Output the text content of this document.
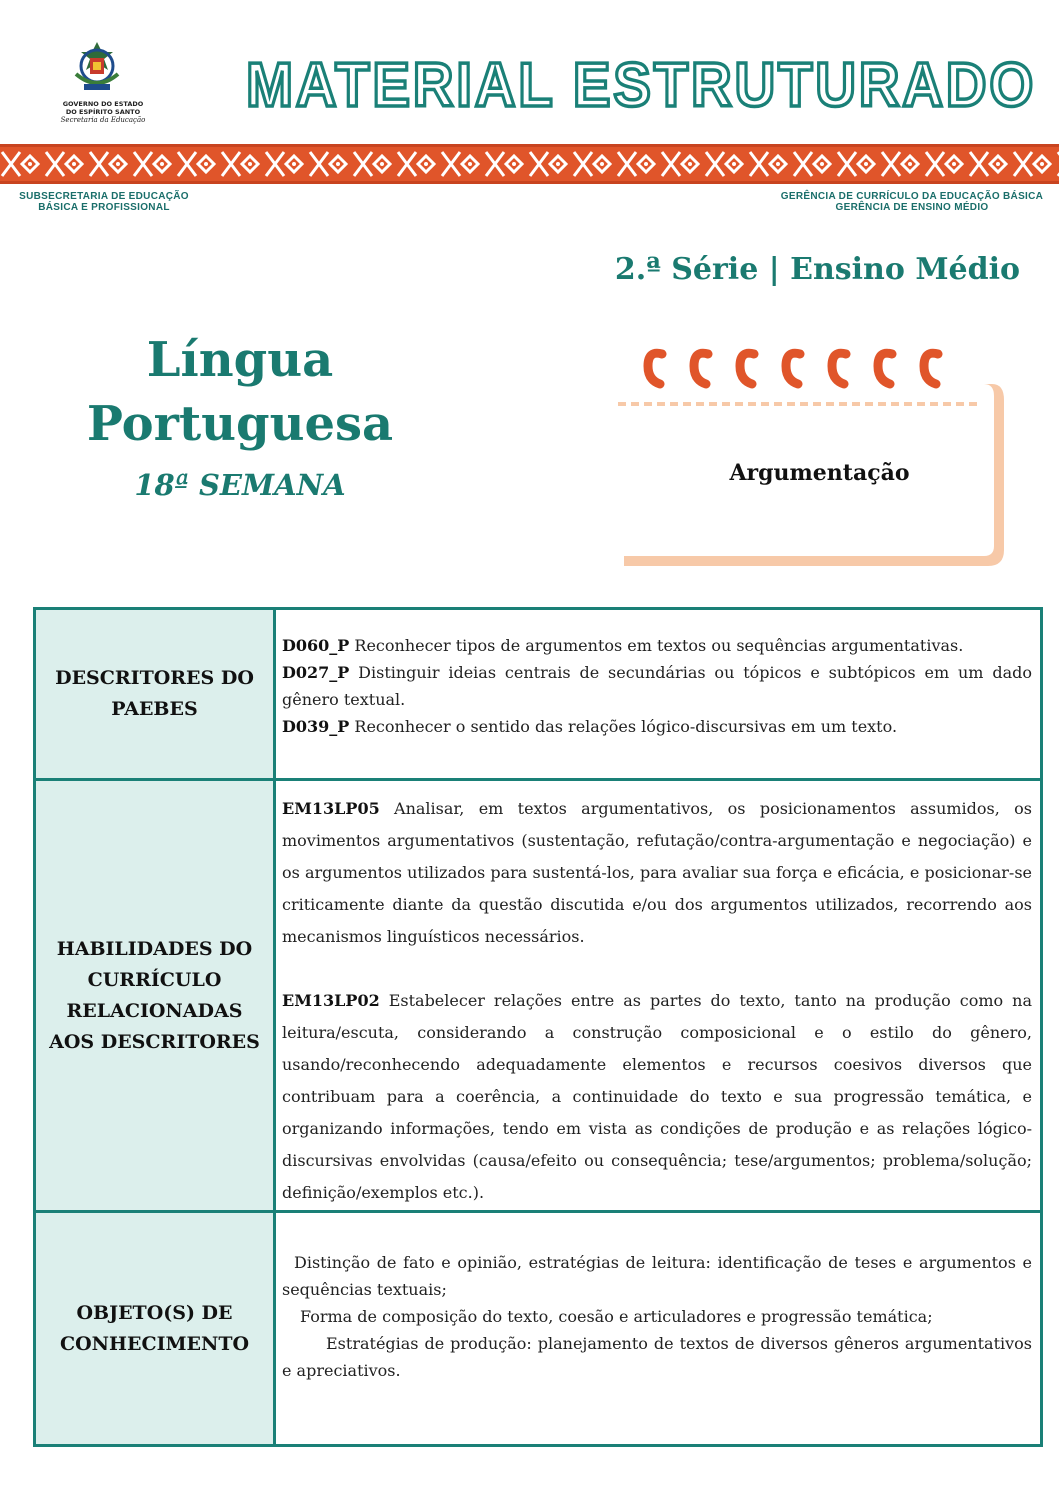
GOVERNO DO ESTADO
DO ESPÍRITO SANTO
Secretaria da Educação MATERIAL ESTRUTURADO
SUBSECRETARIA DE EDUCAÇÃO
BÁSICA E PROFISSIONAL
GERÊNCIA DE CURRÍCULO DA EDUCAÇÃO BÁSICA
GERÊNCIA DE ENSINO MÉDIO
2.ª Série | Ensino Médio
Língua
Portuguesa
18ª SEMANA	Argumentação
DESCRITORES DO PAEBES
D060_P Reconhecer tipos de argumentos em textos ou sequências argumentativas.
D027_P Distinguir ideias centrais de secundárias ou tópicos e subtópicos em um dado gênero textual.
D039_P Reconhecer o sentido das relações lógico-discursivas em um texto.
HABILIDADES DO CURRÍCULO RELACIONADAS AOS DESCRITORES
EM13LP05 Analisar, em textos argumentativos, os posicionamentos assumidos, os movimentos argumentativos (sustentação, refutação/contra-argumentação e negociação) e os argumentos utilizados para sustentá-los, para avaliar sua força e eficácia, e posicionar-se criticamente diante da questão discutida e/ou dos argumentos utilizados, recorrendo aos mecanismos linguísticos necessários.
EM13LP02 Estabelecer relações entre as partes do texto, tanto na produção como na leitura/escuta, considerando a construção composicional e o estilo do gênero, usando/reconhecendo adequadamente elementos e recursos coesivos diversos que contribuam para a coerência, a continuidade do texto e sua progressão temática, e organizando informações, tendo em vista as condições de produção e as relações lógico-discursivas envolvidas (causa/efeito ou consequência; tese/argumentos; problema/solução; definição/exemplos etc.).
OBJETO(S) DE CONHECIMENTO
Distinção de fato e opinião, estratégias de leitura: identificação de teses e argumentos e sequências textuais;
Forma de composição do texto, coesão e articuladores e progressão temática;
Estratégias de produção: planejamento de textos de diversos gêneros argumentativos e apreciativos.
